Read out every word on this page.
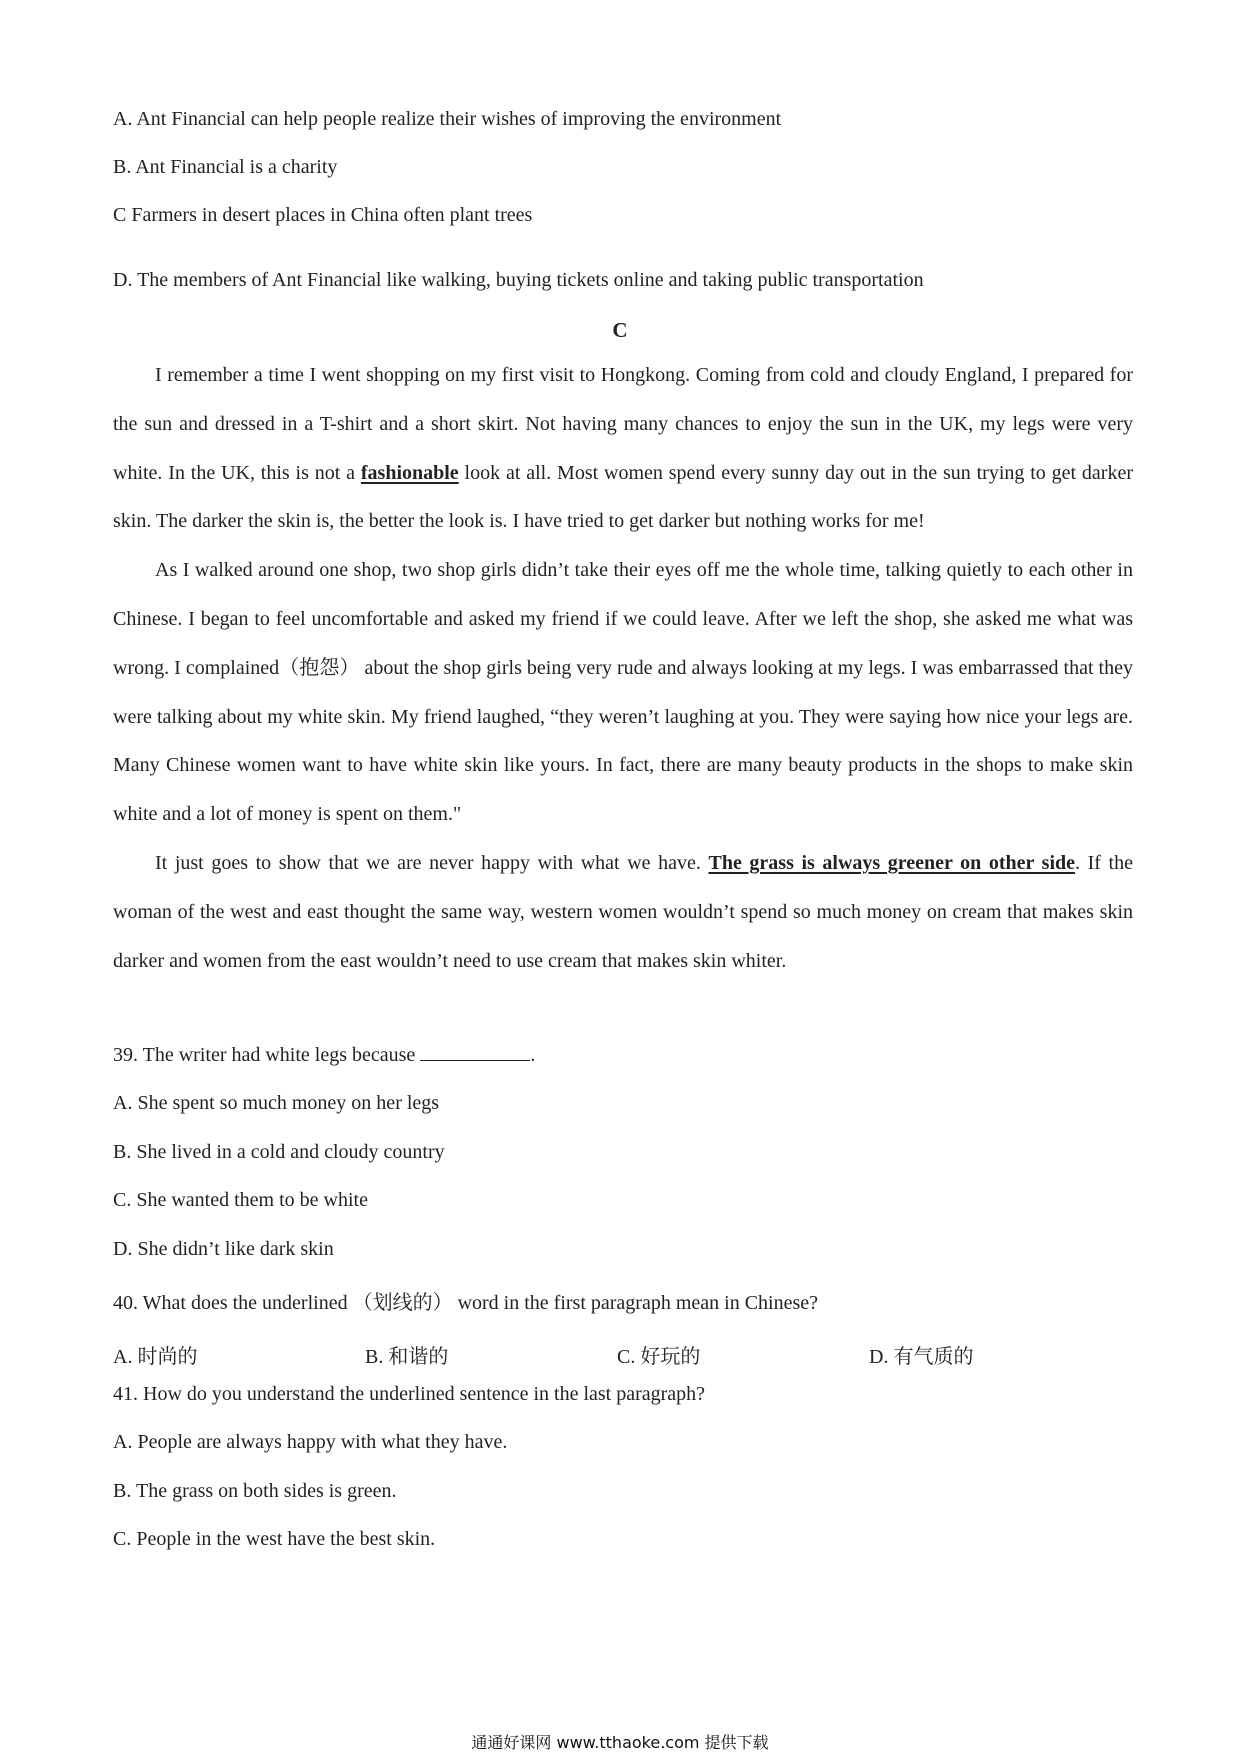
A. Ant Financial can help people realize their wishes of improving the environment
B. Ant Financial is a charity
C Farmers in desert places in China often plant trees
D. The members of Ant Financial like walking, buying tickets online and taking public transportation
C

I remember a time I went shopping on my first visit to Hongkong. Coming from cold and cloudy England, I prepared for the sun and dressed in a T-shirt and a short skirt. Not having many chances to enjoy the sun in the UK, my legs were very white. In the UK, this is not a fashionable look at all. Most women spend every sunny day out in the sun trying to get darker skin. The darker the skin is, the better the look is. I have tried to get darker but nothing works for me!

As I walked around one shop, two shop girls didn’t take their eyes off me the whole time, talking quietly to each other in Chinese. I began to feel uncomfortable and asked my friend if we could leave. After we left the shop, she asked me what was wrong. I complained（抱怨） about the shop girls being very rude and always looking at my legs. I was embarrassed that they were talking about my white skin. My friend laughed, “they weren’t laughing at you. They were saying how nice your legs are. Many Chinese women want to have white skin like yours. In fact, there are many beauty products in the shops to make skin white and a lot of money is spent on them."

It just goes to show that we are never happy with what we have. The grass is always greener on other side. If the woman of the west and east thought the same way, western women wouldn’t spend so much money on cream that makes skin darker and women from the east wouldn’t need to use cream that makes skin whiter.

39. The writer had white legs because	.
A. She spent so much money on her legs
B. She lived in a cold and cloudy country
C. She wanted them to be white
D. She didn’t like dark skin
40. What does the underlined （划线的） word in the first paragraph mean in Chinese?
A. 时尚的	B. 和谐的	C. 好玩的	D. 有气质的
41. How do you understand the underlined sentence in the last paragraph?
A. People are always happy with what they have.
B. The grass on both sides is green.
C. People in the west have the best skin.
通通好课网 www.tthaoke.com 提供下载
